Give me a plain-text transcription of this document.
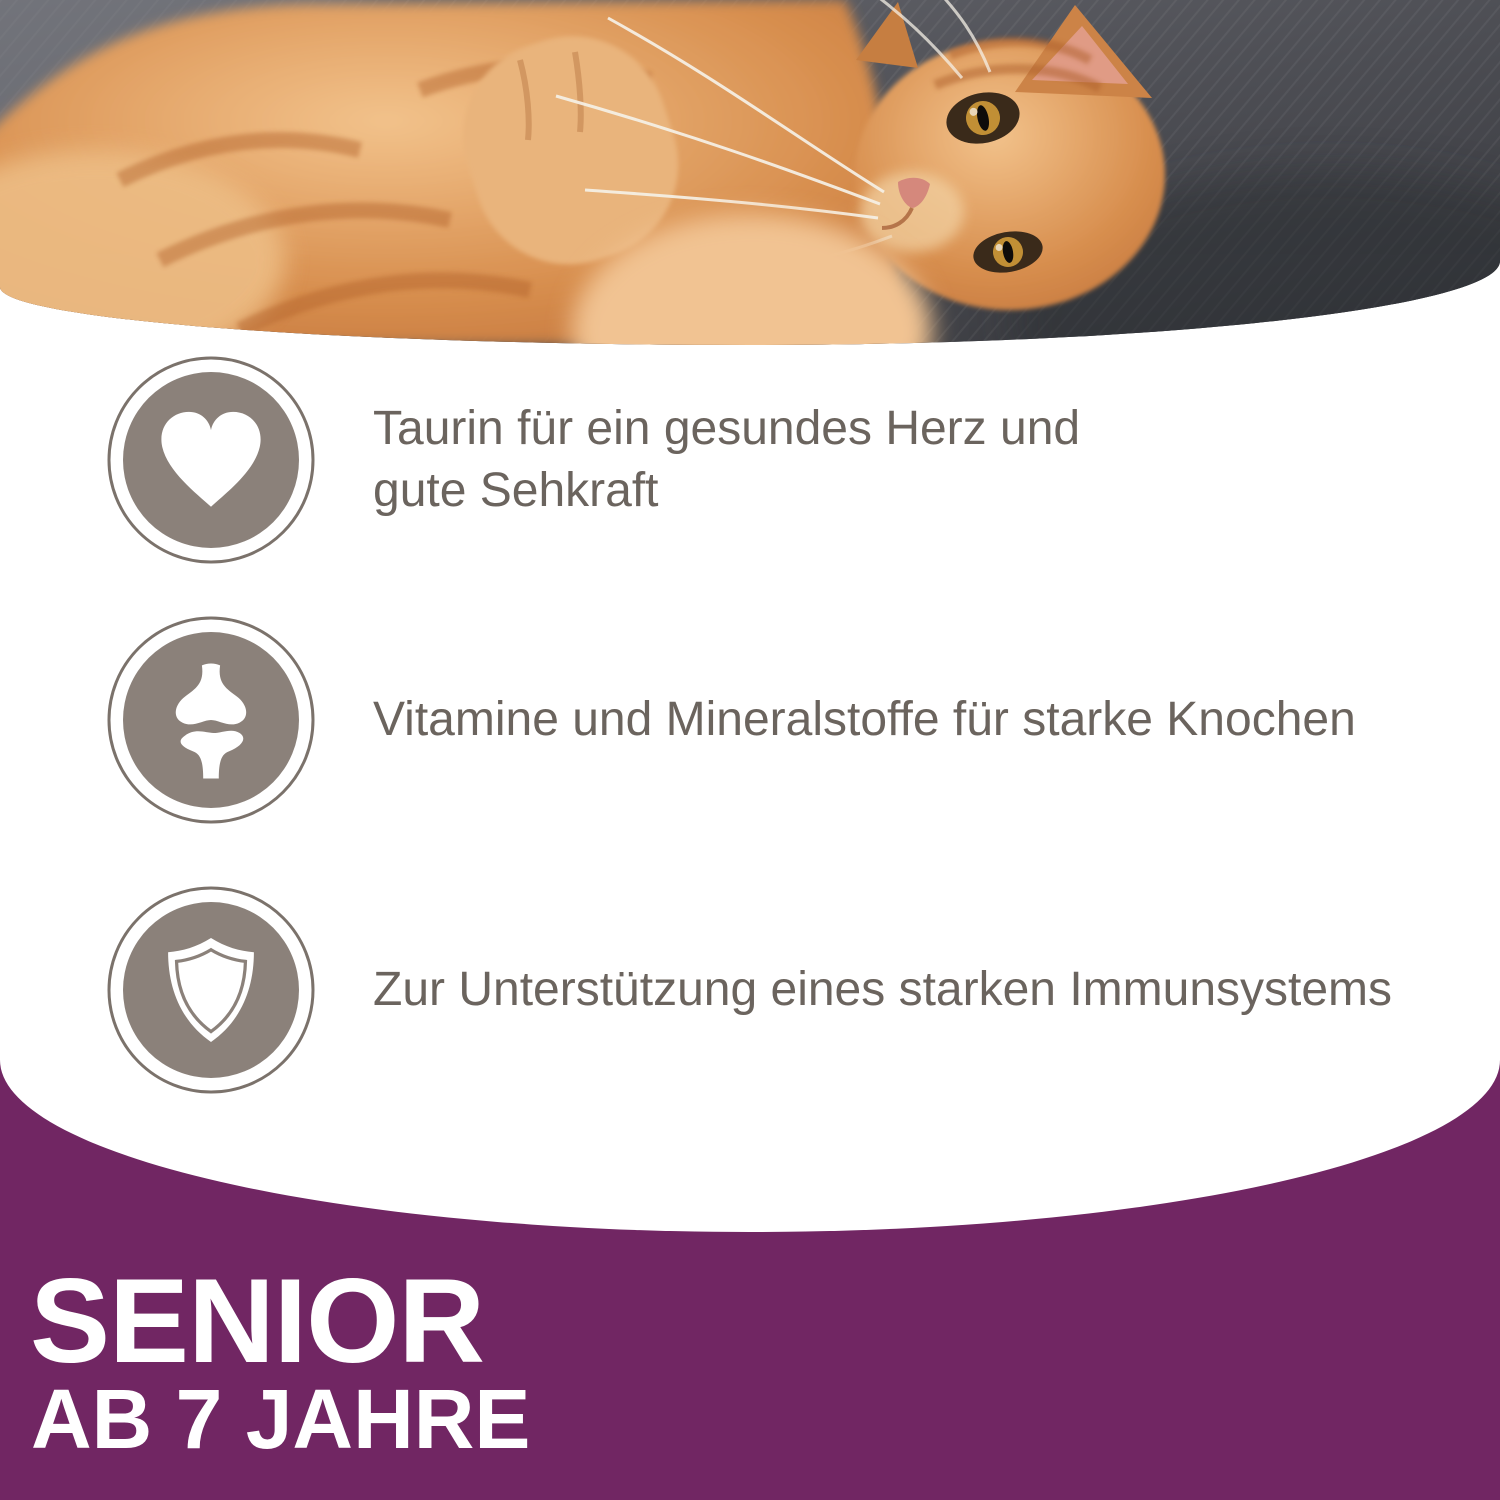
Taurin für ein gesundes Herz und
gute Sehkraft

Vitamine und Mineralstoffe für starke Knochen

Zur Unterstützung eines starken Immunsystems

SENIOR
AB 7 JAHRE
